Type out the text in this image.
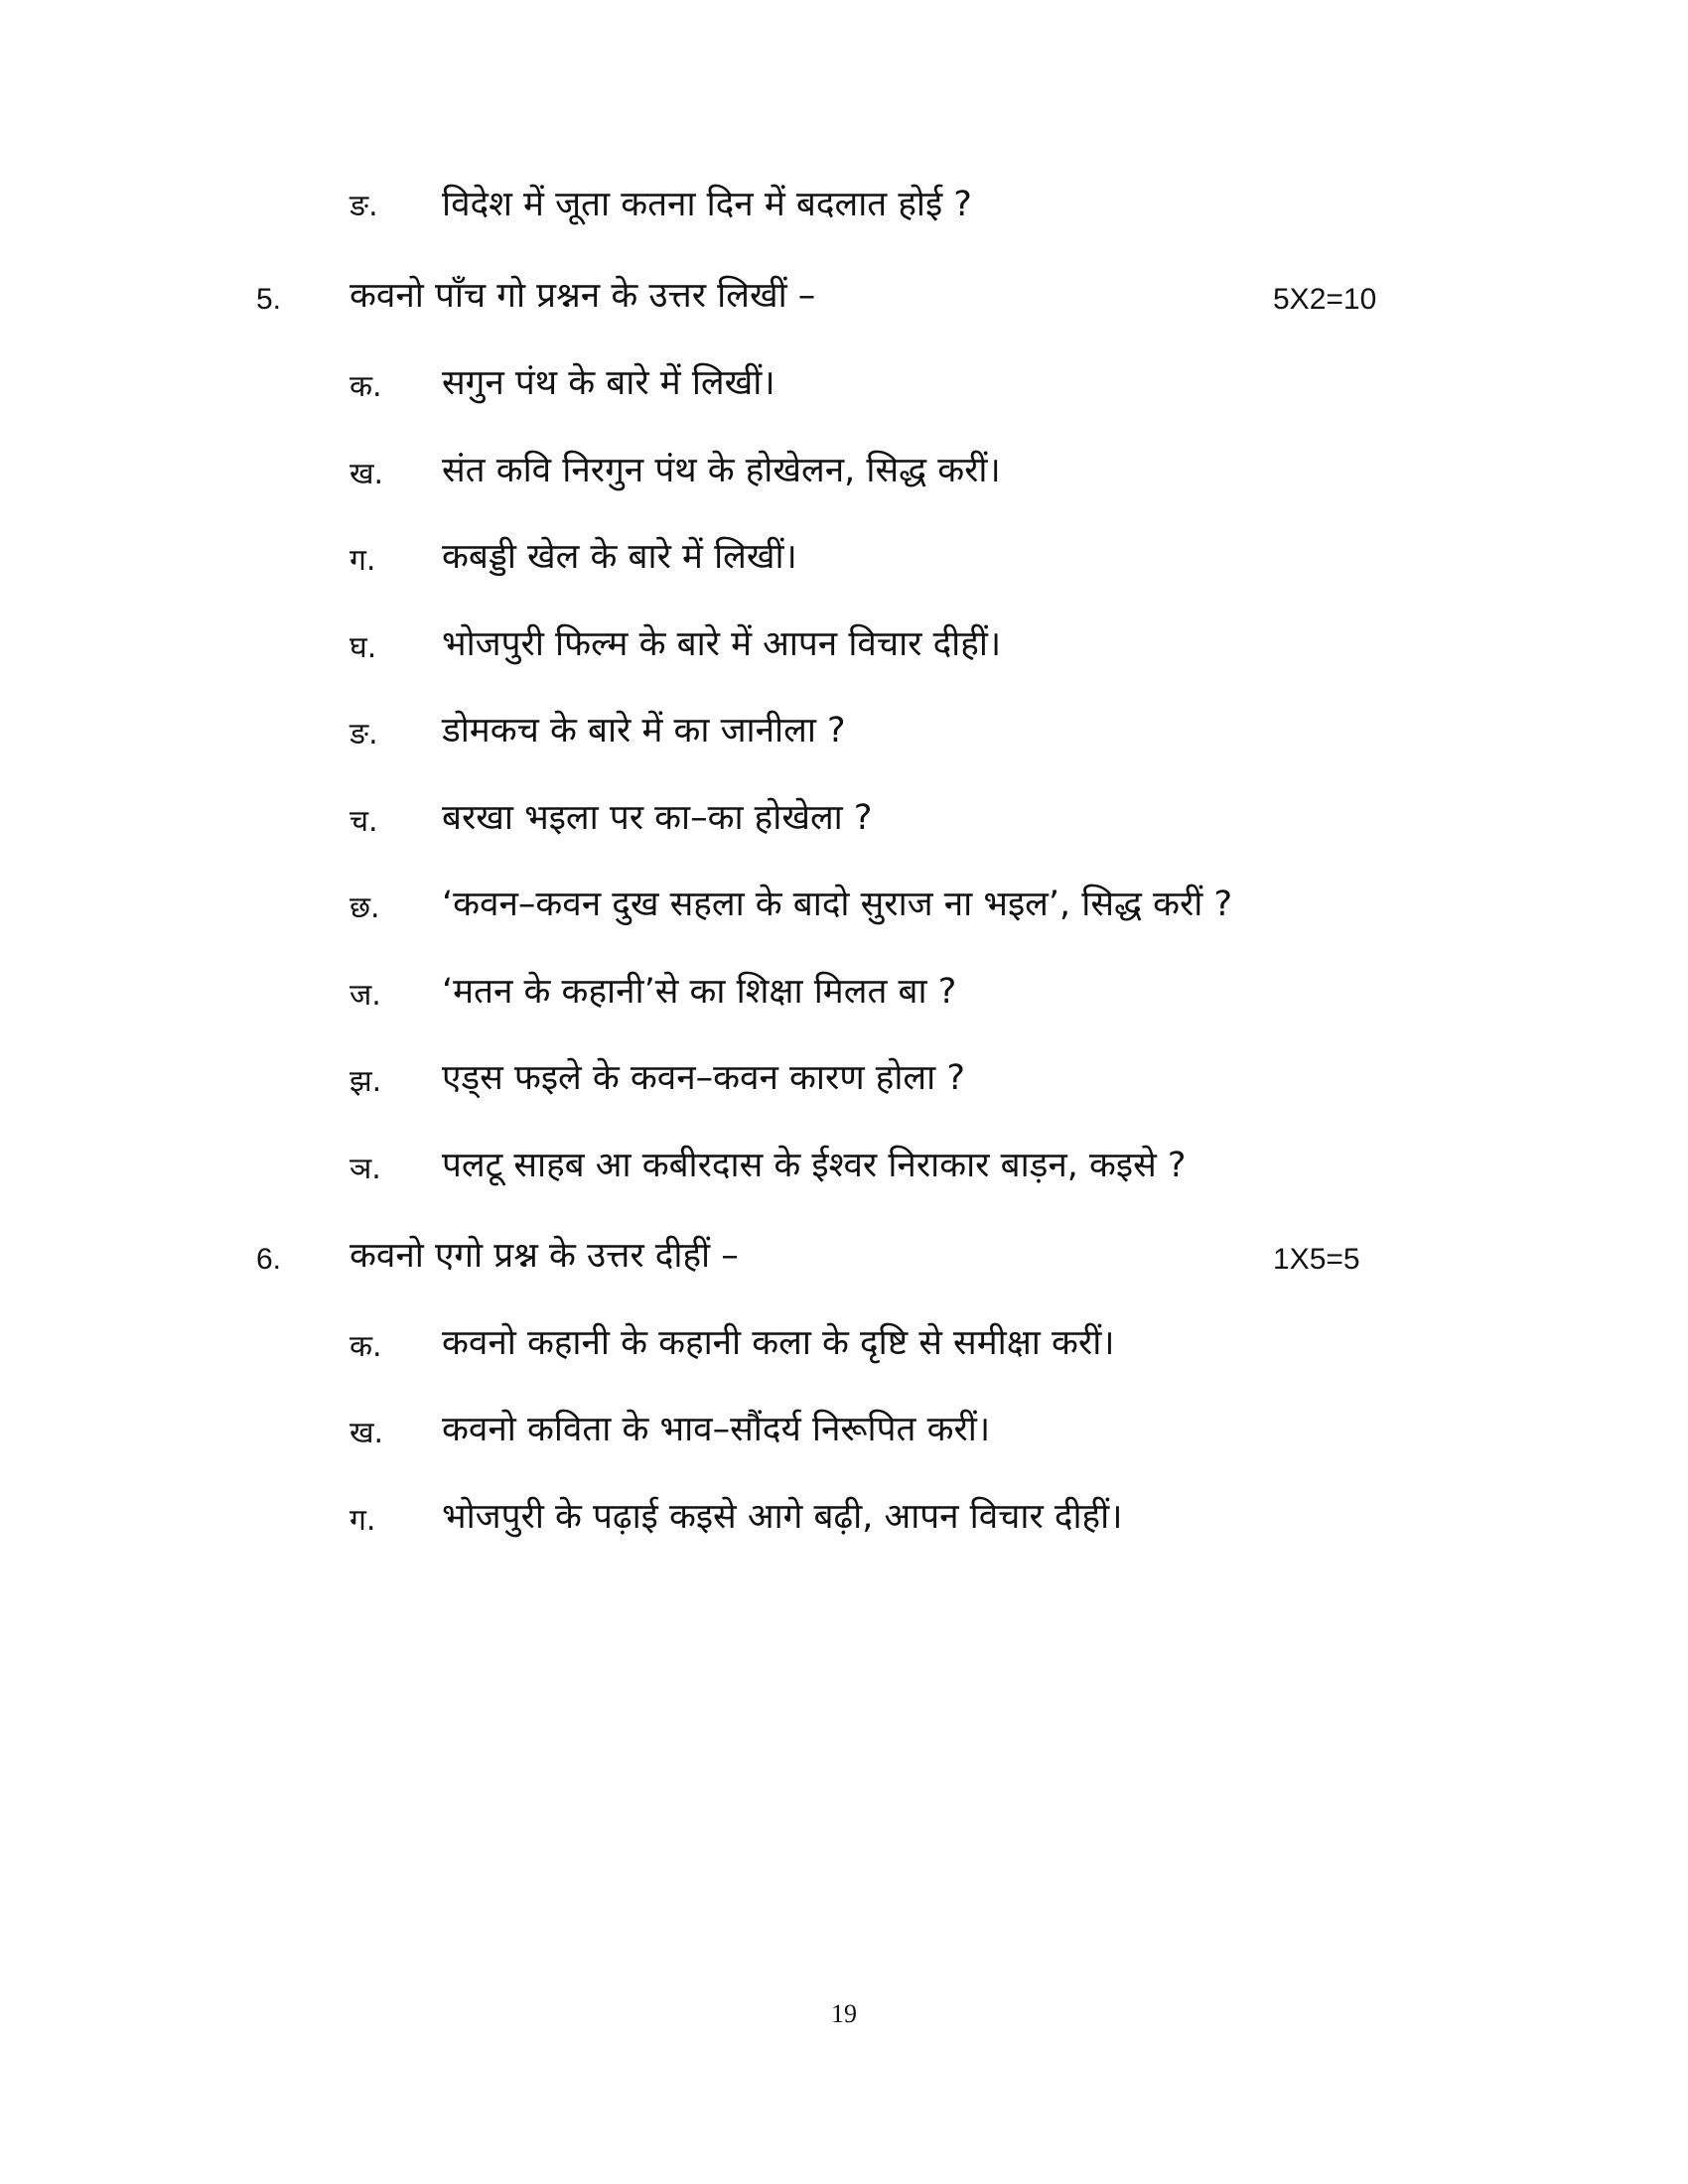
ङ. विदेश में जूता कतना दिन में बदलात होई ?
5. कवनो पाँच गो प्रश्नन के उत्तर लिखीं –	5X2=10
क. सगुन पंथ के बारे में लिखीं।
ख. संत कवि निरगुन पंथ के होखेलन, सिद्ध करीं।
ग. कबड्डी खेल के बारे में लिखीं।
घ. भोजपुरी फिल्म के बारे में आपन विचार दीहीं।
ङ. डोमकच के बारे में का जानीला ?
च. बरखा भइला पर का–का होखेला ?
छ. ‘कवन–कवन दुख सहला के बादो सुराज ना भइल’, सिद्ध करीं ?
ज. ‘मतन के कहानी’से का शिक्षा मिलत बा ?
झ. एड्स फइले के कवन–कवन कारण होला ?
ञ. पलटू साहब आ कबीरदास के ईश्वर निराकार बाड़न, कइसे ?
6. कवनो एगो प्रश्न के उत्तर दीहीं –	1X5=5
क. कवनो कहानी के कहानी कला के दृष्टि से समीक्षा करीं।
ख. कवनो कविता के भाव–सौंदर्य निरूपित करीं।
ग. भोजपुरी के पढ़ाई कइसे आगे बढ़ी, आपन विचार दीहीं।
19
